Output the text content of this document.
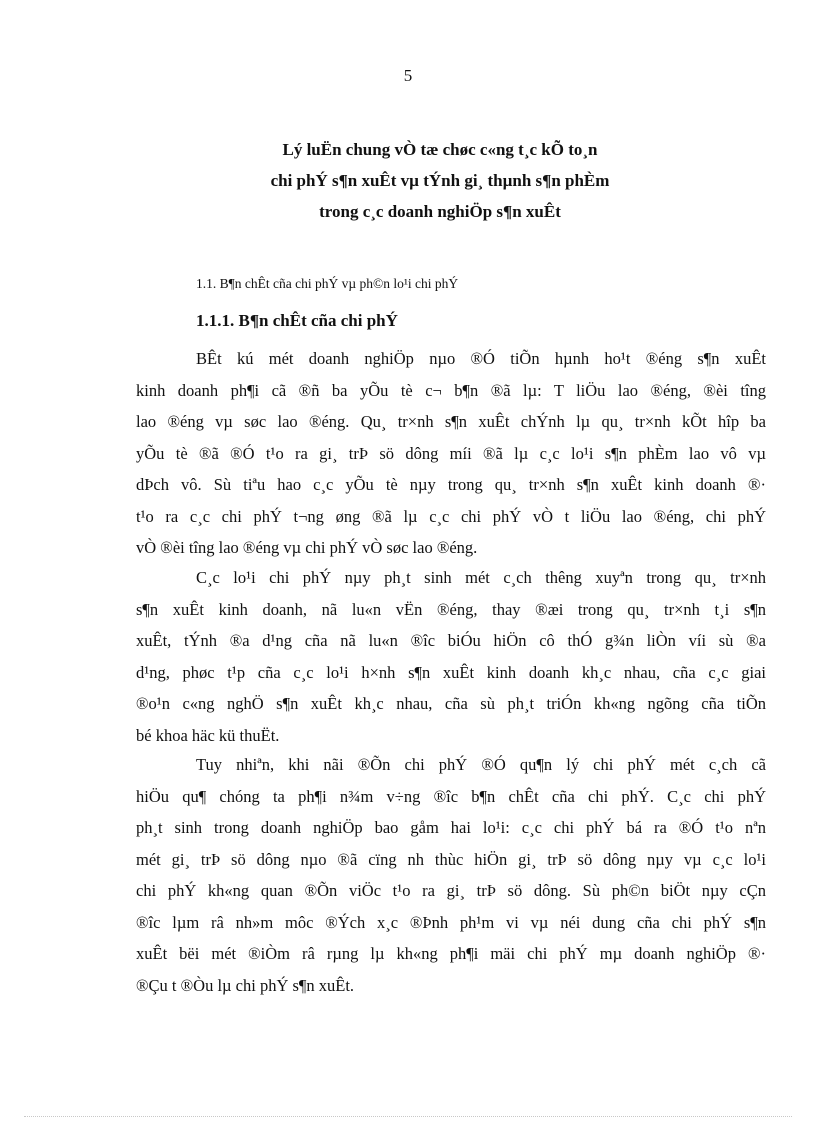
5
Lý luËn chung vÒ tæ chøc c«ng t¸c kÕ to¸n
chi phÝ s¶n xuÊt vµ tÝnh gi¸ thµnh s¶n phÈm
trong c¸c doanh nghiÖp s¶n xuÊt
1.1. B¶n chÊt cña chi phÝ vµ ph©n lo¹i chi phÝ
1.1.1. B¶n chÊt cña chi phÝ
BÊt kú mét doanh nghiÖp nµo ®Ó tiÕn hµnh ho¹t ®éng s¶n xuÊt
kinh doanh ph¶i cã ®ñ ba yÕu tè c¬ b¶n ®ã lµ: T liÖu lao ®éng, ®èi tîng
lao ®éng vµ søc lao ®éng. Qu¸ tr×nh s¶n xuÊt chÝnh lµ qu¸ tr×nh kÕt hîp ba
yÕu tè ®ã ®Ó t¹o ra gi¸ trÞ sö dông míi ®ã lµ c¸c lo¹i s¶n phÈm lao vô vµ
dÞch vô. Sù tiªu hao c¸c yÕu tè nµy trong qu¸ tr×nh s¶n xuÊt kinh doanh ®·
t¹o ra c¸c chi phÝ t¬ng øng ®ã lµ c¸c chi phÝ vÒ t liÖu lao ®éng, chi phÝ
vÒ ®èi tîng lao ®éng vµ chi phÝ vÒ søc lao ®éng.
C¸c lo¹i chi phÝ nµy ph¸t sinh mét c¸ch thêng xuyªn trong qu¸ tr×nh
s¶n xuÊt kinh doanh, nã lu«n vËn ®éng, thay ®æi trong qu¸ tr×nh t¸i s¶n
xuÊt, tÝnh ®a d¹ng cña nã lu«n ®îc biÓu hiÖn cô thÓ g¾n liÒn víi sù ®a
d¹ng, phøc t¹p cña c¸c lo¹i h×nh s¶n xuÊt kinh doanh kh¸c nhau, cña c¸c giai
®o¹n c«ng nghÖ s¶n xuÊt kh¸c nhau, cña sù ph¸t triÓn kh«ng ngõng cña tiÕn
bé khoa häc kü thuËt.
Tuy nhiªn, khi nãi ®Õn chi phÝ ®Ó qu¶n lý chi phÝ mét c¸ch cã
hiÖu qu¶ chóng ta ph¶i n¾m v÷ng ®îc b¶n chÊt cña chi phÝ. C¸c chi phÝ
ph¸t sinh trong doanh nghiÖp bao gåm hai lo¹i: c¸c chi phÝ bá ra ®Ó t¹o nªn
mét gi¸ trÞ sö dông nµo ®ã cïng nh thùc hiÖn gi¸ trÞ sö dông nµy vµ c¸c lo¹i
chi phÝ kh«ng quan ®Õn viÖc t¹o ra gi¸ trÞ sö dông. Sù ph©n biÖt nµy cÇn
®îc lµm râ nh»m môc ®Ých x¸c ®Þnh ph¹m vi vµ néi dung cña chi phÝ s¶n
xuÊt bëi mét ®iÒm râ rµng lµ kh«ng ph¶i mäi chi phÝ mµ doanh nghiÖp ®·
®Çu t ®Òu lµ chi phÝ s¶n xuÊt.
